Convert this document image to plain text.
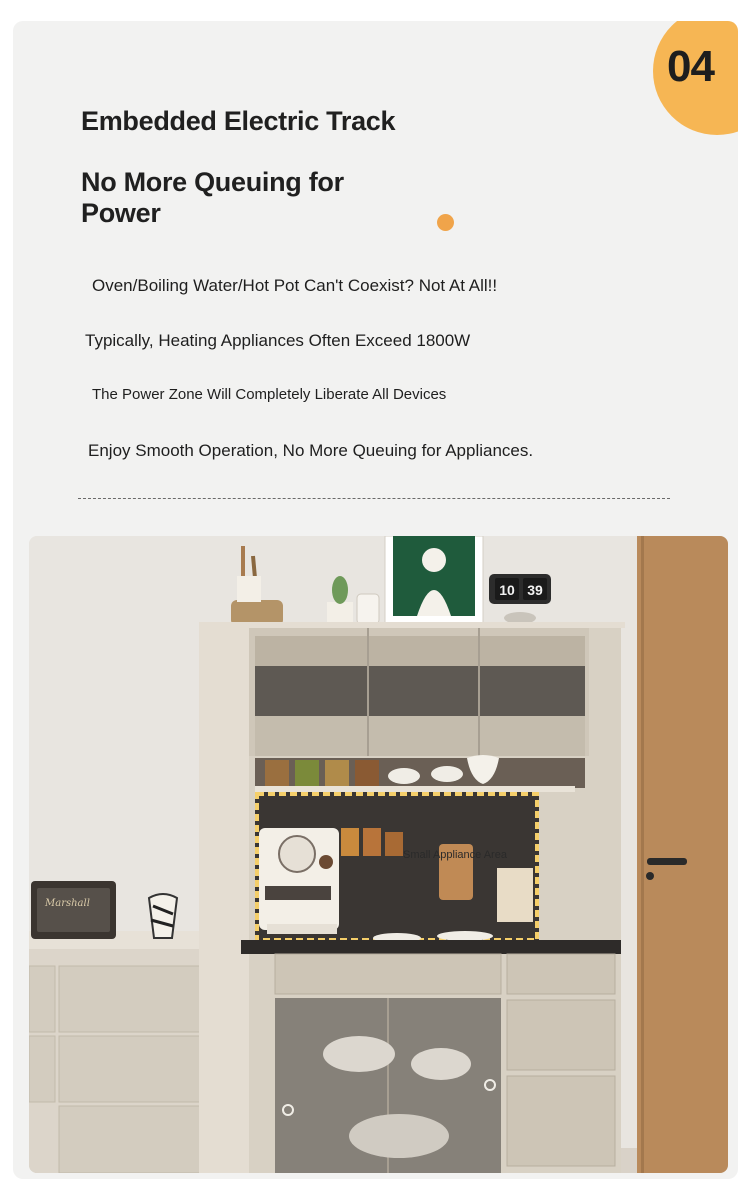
04
Embedded Electric Track
No More Queuing for Power
Oven/Boiling Water/Hot Pot Can't Coexist? Not At All!!
Typically, Heating Appliances Often Exceed 1800W
The Power Zone Will Completely Liberate All Devices
Enjoy Smooth Operation, No More Queuing for Appliances.
Marshall
Small Appliance Area
10 39
